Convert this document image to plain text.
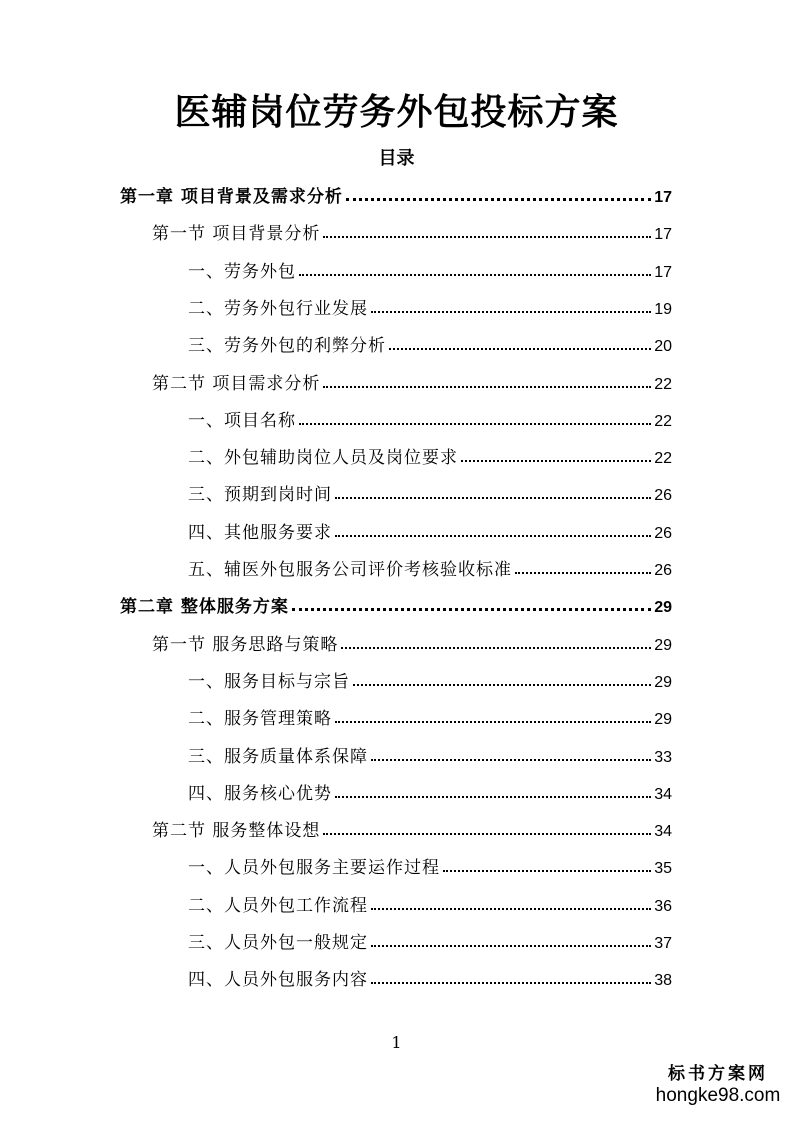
医辅岗位劳务外包投标方案
目录
第一章 项目背景及需求分析	17
第一节 项目背景分析	17
一、劳务外包	17
二、劳务外包行业发展	19
三、劳务外包的利弊分析	20
第二节 项目需求分析	22
一、项目名称	22
二、外包辅助岗位人员及岗位要求	22
三、预期到岗时间	26
四、其他服务要求	26
五、辅医外包服务公司评价考核验收标准	26
第二章 整体服务方案	29
第一节 服务思路与策略	29
一、服务目标与宗旨	29
二、服务管理策略	29
三、服务质量体系保障	33
四、服务核心优势	34
第二节 服务整体设想	34
一、人员外包服务主要运作过程	35
二、人员外包工作流程	36
三、人员外包一般规定	37
四、人员外包服务内容	38
1
标书方案网
hongke98.com
